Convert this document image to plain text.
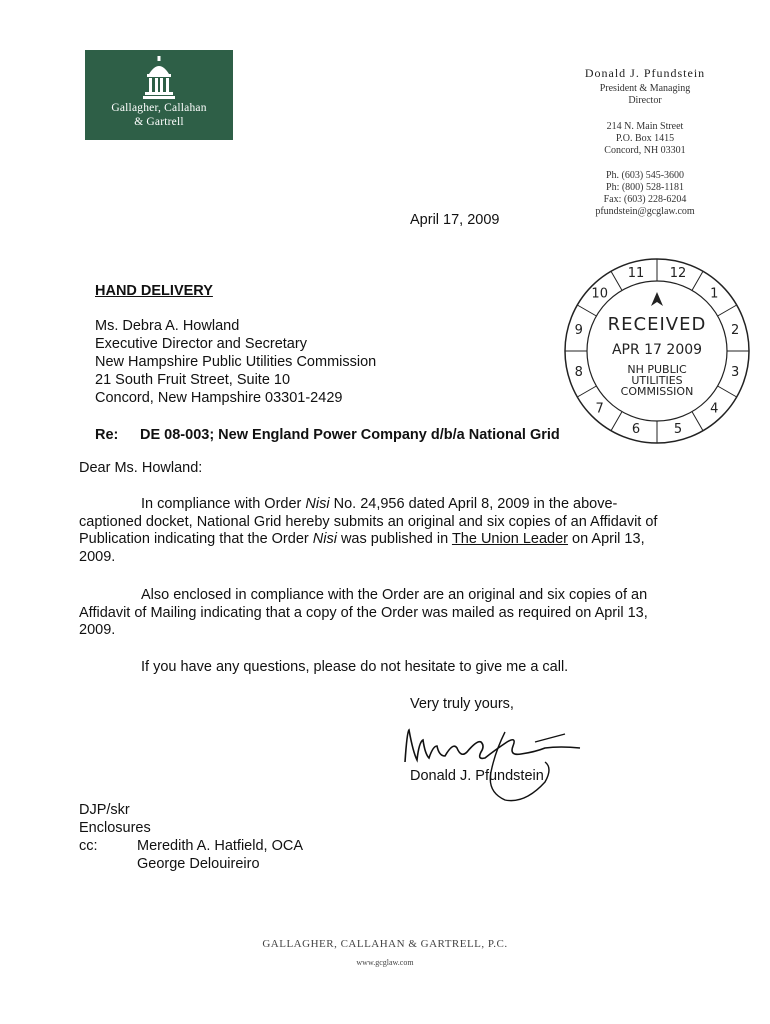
Gallagher, Callahan
& Gartrell
Donald J. Pfundstein
President & Managing
Director
214 N. Main Street
P.O. Box 1415
Concord, NH 03301
Ph. (603) 545-3600
Ph: (800) 528-1181
Fax: (603) 228-6204
pfundstein@gcglaw.com
April 17, 2009
HAND DELIVERY
Ms. Debra A. Howland
Executive Director and Secretary
New Hampshire Public Utilities Commission
21 South Fruit Street, Suite 10
Concord, New Hampshire 03301-2429
Re: DE 08-003; New England Power Company d/b/a National Grid
Dear Ms. Howland:
In compliance with Order Nisi No. 24,956 dated April 8, 2009 in the above-captioned docket, National Grid hereby submits an original and six copies of an Affidavit of Publication indicating that the Order Nisi was published in The Union Leader on April 13, 2009.
Also enclosed in compliance with the Order are an original and six copies of an Affidavit of Mailing indicating that a copy of the Order was mailed as required on April 13, 2009.
If you have any questions, please do not hesitate to give me a call.
Very truly yours,
Donald J. Pfundstein
DJP/skr
Enclosures
cc:	Meredith A. Hatfield, OCA
George Delouireiro
11 12
1
2
3
4
5
6
7
8
9
10
RECEIVED
APR 17 2009
NH PUBLIC
UTILITIES
COMMISSION
GALLAGHER, CALLAHAN & GARTRELL, P.C.
www.gcglaw.com
